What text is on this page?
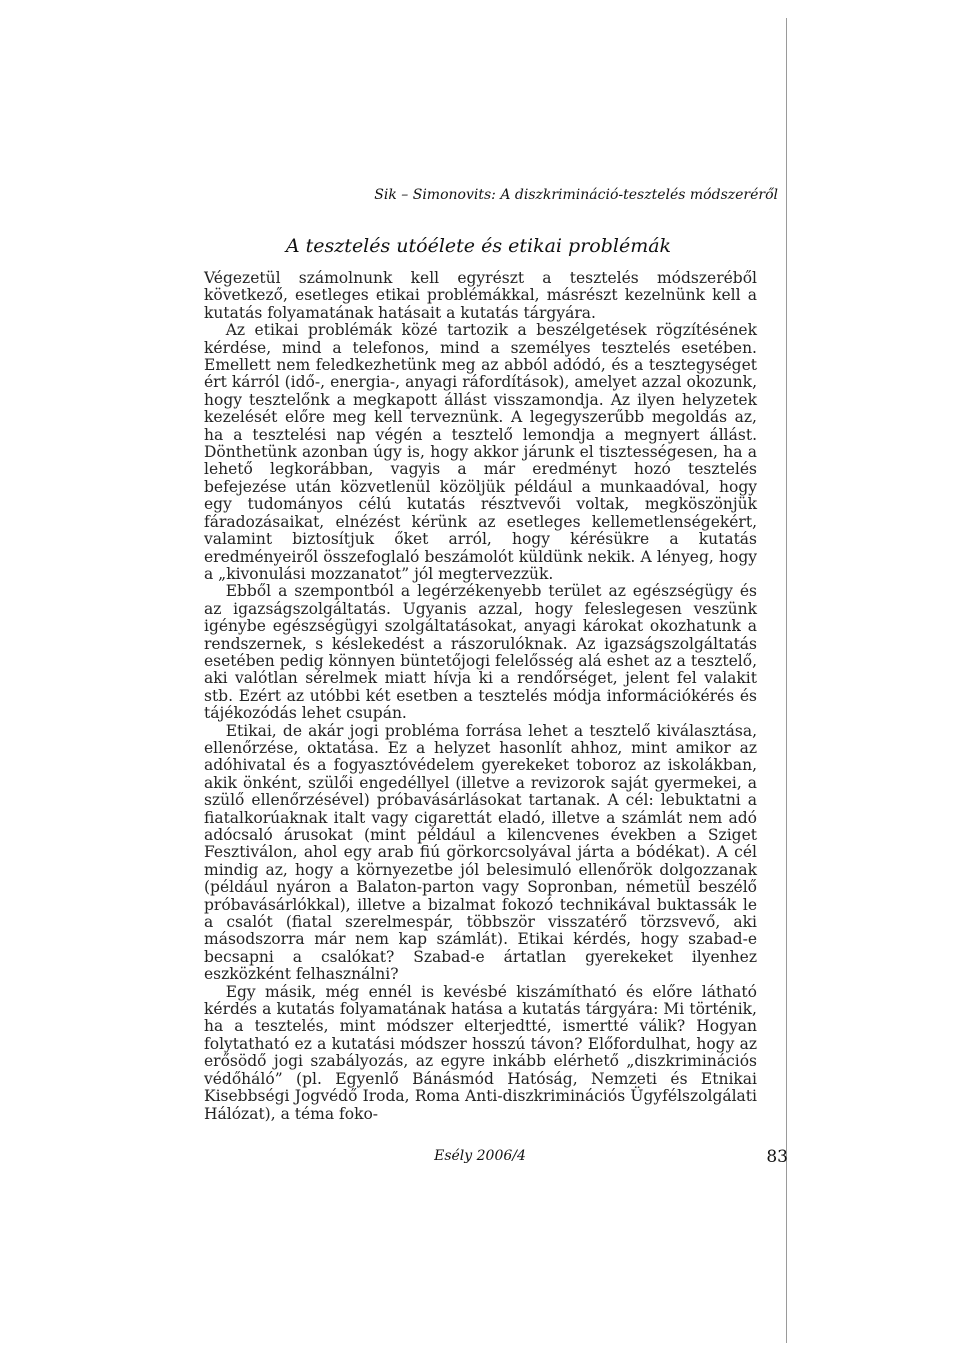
Sik – Simonovits: A diszkrimináció-tesztelés módszeréről
A tesztelés utóélete és etikai problémák

Végezetül számolnunk kell egyrészt a tesztelés módszeréből következő, esetleges etikai problémákkal, másrészt kezelnünk kell a kutatás folyamatának hatásait a kutatás tárgyára.

Az etikai problémák közé tartozik a beszélgetések rögzítésének kérdése, mind a telefonos, mind a személyes tesztelés esetében. Emellett nem feledkezhetünk meg az abból adódó, és a tesztegységet ért kárról (idő-, energia-, anyagi ráfordítások), amelyet azzal okozunk, hogy tesztelőnk a megkapott állást visszamondja. Az ilyen helyzetek kezelését előre meg kell terveznünk. A legegyszerűbb megoldás az, ha a tesztelési nap végén a tesztelő lemondja a megnyert állást. Dönthetünk azonban úgy is, hogy akkor járunk el tisztességesen, ha a lehető legkorábban, vagyis a már eredményt hozó tesztelés befejezése után közvetlenül közöljük például a munkaadóval, hogy egy tudományos célú kutatás résztvevői voltak, megköszönjük fáradozásaikat, elnézést kérünk az esetleges kellemetlenségekért, valamint biztosítjuk őket arról, hogy kérésükre a kutatás eredményeiről összefoglaló beszámolót küldünk nekik. A lényeg, hogy a „kivonulási mozzanatot” jól megtervezzük.

Ebből a szempontból a legérzékenyebb terület az egészségügy és az igazságszolgáltatás. Ugyanis azzal, hogy feleslegesen veszünk igénybe egészségügyi szolgáltatásokat, anyagi károkat okozhatunk a rendszernek, s késlekedést a rászorulóknak. Az igazságszolgáltatás esetében pedig könnyen büntetőjogi felelősség alá eshet az a tesztelő, aki valótlan sérelmek miatt hívja ki a rendőrséget, jelent fel valakit stb. Ezért az utóbbi két esetben a tesztelés módja információkérés és tájékozódás lehet csupán.

Etikai, de akár jogi probléma forrása lehet a tesztelő kiválasztása, ellenőrzése, oktatása. Ez a helyzet hasonlít ahhoz, mint amikor az adóhivatal és a fogyasztóvédelem gyerekeket toboroz az iskolákban, akik önként, szülői engedéllyel (illetve a revizorok saját gyermekei, a szülő ellenőrzésével) próbavásárlásokat tartanak. A cél: lebuktatni a fiatalkorúaknak italt vagy cigarettát eladó, illetve a számlát nem adó adócsaló árusokat (mint például a kilencvenes években a Sziget Fesztiválon, ahol egy arab fiú görkorcsolyával járta a bódékat). A cél mindig az, hogy a környezetbe jól belesimuló ellenőrök dolgozzanak (például nyáron a Balaton-parton vagy Sopronban, németül beszélő próbavásárlókkal), illetve a bizalmat fokozó technikával buktassák le a csalót (fiatal szerelmespár, többször visszatérő törzsvevő, aki másodszorra már nem kap számlát). Etikai kérdés, hogy szabad-e becsapni a csalókat? Szabad-e ártatlan gyerekeket ilyenhez eszközként felhasználni?

Egy másik, még ennél is kevésbé kiszámítható és előre látható kérdés a kutatás folyamatának hatása a kutatás tárgyára: Mi történik, ha a tesztelés, mint módszer elterjedtté, ismertté válik? Hogyan folytatható ez a kutatási módszer hosszú távon? Előfordulhat, hogy az erősödő jogi szabályozás, az egyre inkább elérhető „diszkriminációs védőháló” (pl. Egyenlő Bánásmód Hatóság, Nemzeti és Etnikai Kisebbségi Jogvédő Iroda, Roma Anti-diszkriminációs Ügyfélszolgálati Hálózat), a téma foko-

Esély 2006/4	83
